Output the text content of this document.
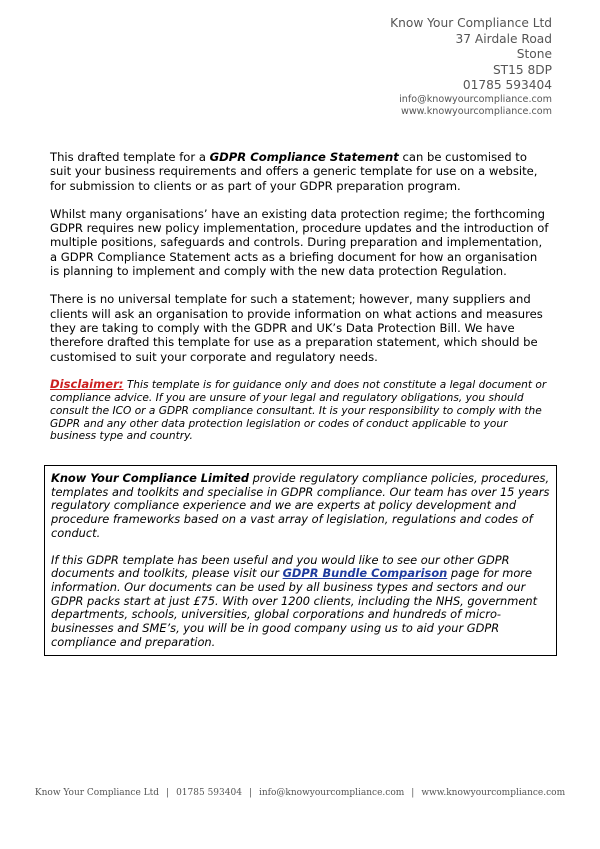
Know Your Compliance Ltd
37 Airdale Road
Stone
ST15 8DP
01785 593404
info@knowyourcompliance.com
www.knowyourcompliance.com

This drafted template for a GDPR Compliance Statement can be customised to suit your business requirements and offers a generic template for use on a website, for submission to clients or as part of your GDPR preparation program.

Whilst many organisations’ have an existing data protection regime; the forthcoming GDPR requires new policy implementation, procedure updates and the introduction of multiple positions, safeguards and controls. During preparation and implementation, a GDPR Compliance Statement acts as a briefing document for how an organisation is planning to implement and comply with the new data protection Regulation.

There is no universal template for such a statement; however, many suppliers and clients will ask an organisation to provide information on what actions and measures they are taking to comply with the GDPR and UK’s Data Protection Bill. We have therefore drafted this template for use as a preparation statement, which should be customised to suit your corporate and regulatory needs.

Disclaimer: This template is for guidance only and does not constitute a legal document or compliance advice. If you are unsure of your legal and regulatory obligations, you should consult the ICO or a GDPR compliance consultant. It is your responsibility to comply with the GDPR and any other data protection legislation or codes of conduct applicable to your business type and country.

Know Your Compliance Limited provide regulatory compliance policies, procedures, templates and toolkits and specialise in GDPR compliance. Our team has over 15 years regulatory compliance experience and we are experts at policy development and procedure frameworks based on a vast array of legislation, regulations and codes of conduct.

If this GDPR template has been useful and you would like to see our other GDPR documents and toolkits, please visit our GDPR Bundle Comparison page for more information. Our documents can be used by all business types and sectors and our GDPR packs start at just £75. With over 1200 clients, including the NHS, government departments, schools, universities, global corporations and hundreds of micro-businesses and SME’s, you will be in good company using us to aid your GDPR compliance and preparation.

Know Your Compliance Ltd | 01785 593404 | info@knowyourcompliance.com | www.knowyourcompliance.com
